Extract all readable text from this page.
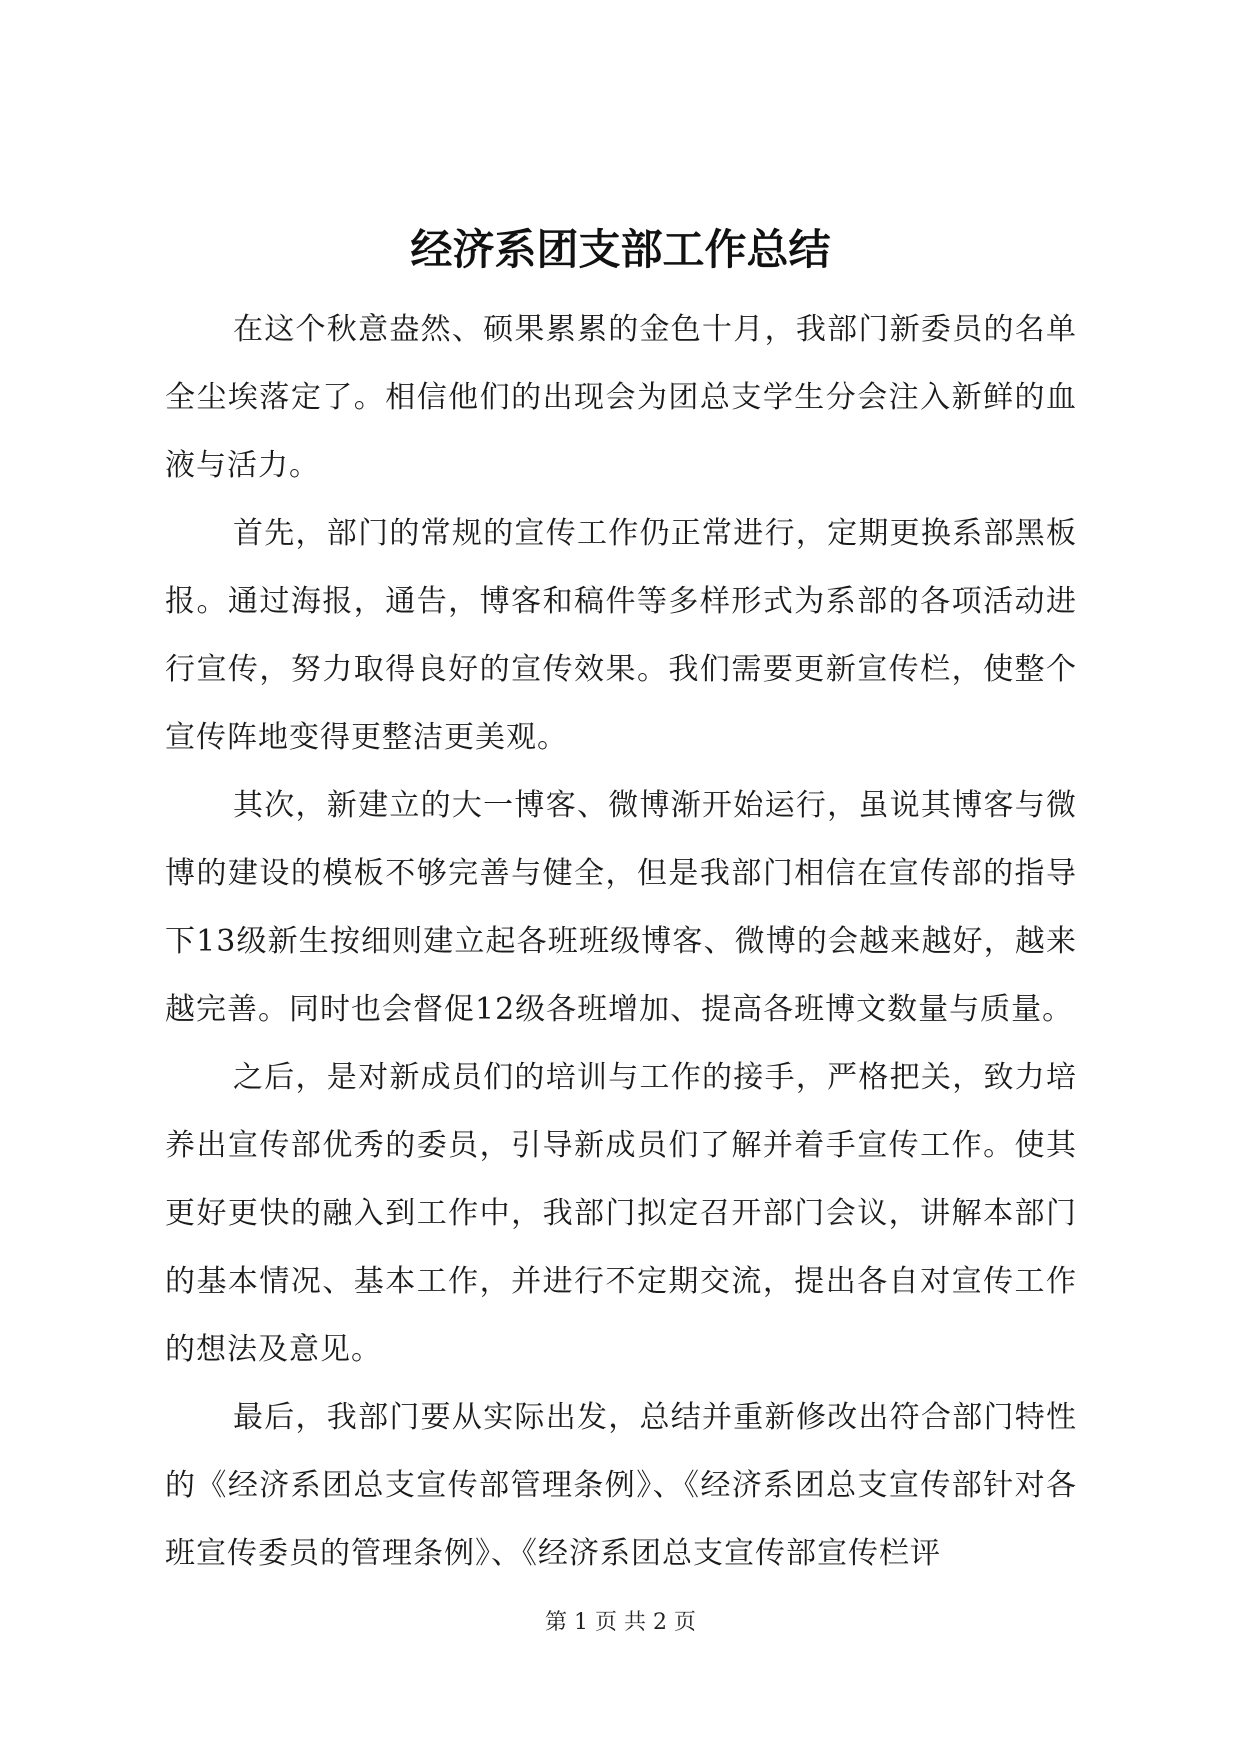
经济系团支部工作总结

在这个秋意盎然、硕果累累的金色十月，我部门新委员的名单全尘埃落定了。相信他们的出现会为团总支学生分会注入新鲜的血液与活力。

首先，部门的常规的宣传工作仍正常进行，定期更换系部黑板报。通过海报，通告，博客和稿件等多样形式为系部的各项活动进行宣传，努力取得良好的宣传效果。我们需要更新宣传栏，使整个宣传阵地变得更整洁更美观。

其次，新建立的大一博客、微博渐开始运行，虽说其博客与微博的建设的模板不够完善与健全，但是我部门相信在宣传部的指导下13级新生按细则建立起各班班级博客、微博的会越来越好，越来越完善。同时也会督促12级各班增加、提高各班博文数量与质量。

之后，是对新成员们的培训与工作的接手，严格把关，致力培养出宣传部优秀的委员，引导新成员们了解并着手宣传工作。使其更好更快的融入到工作中，我部门拟定召开部门会议，讲解本部门的基本情况、基本工作，并进行不定期交流，提出各自对宣传工作的想法及意见。

最后，我部门要从实际出发，总结并重新修改出符合部门特性的《经济系团总支宣传部管理条例》、《经济系团总支宣传部针对各班宣传委员的管理条例》、《经济系团总支宣传部宣传栏评

第 1 页 共 2 页
